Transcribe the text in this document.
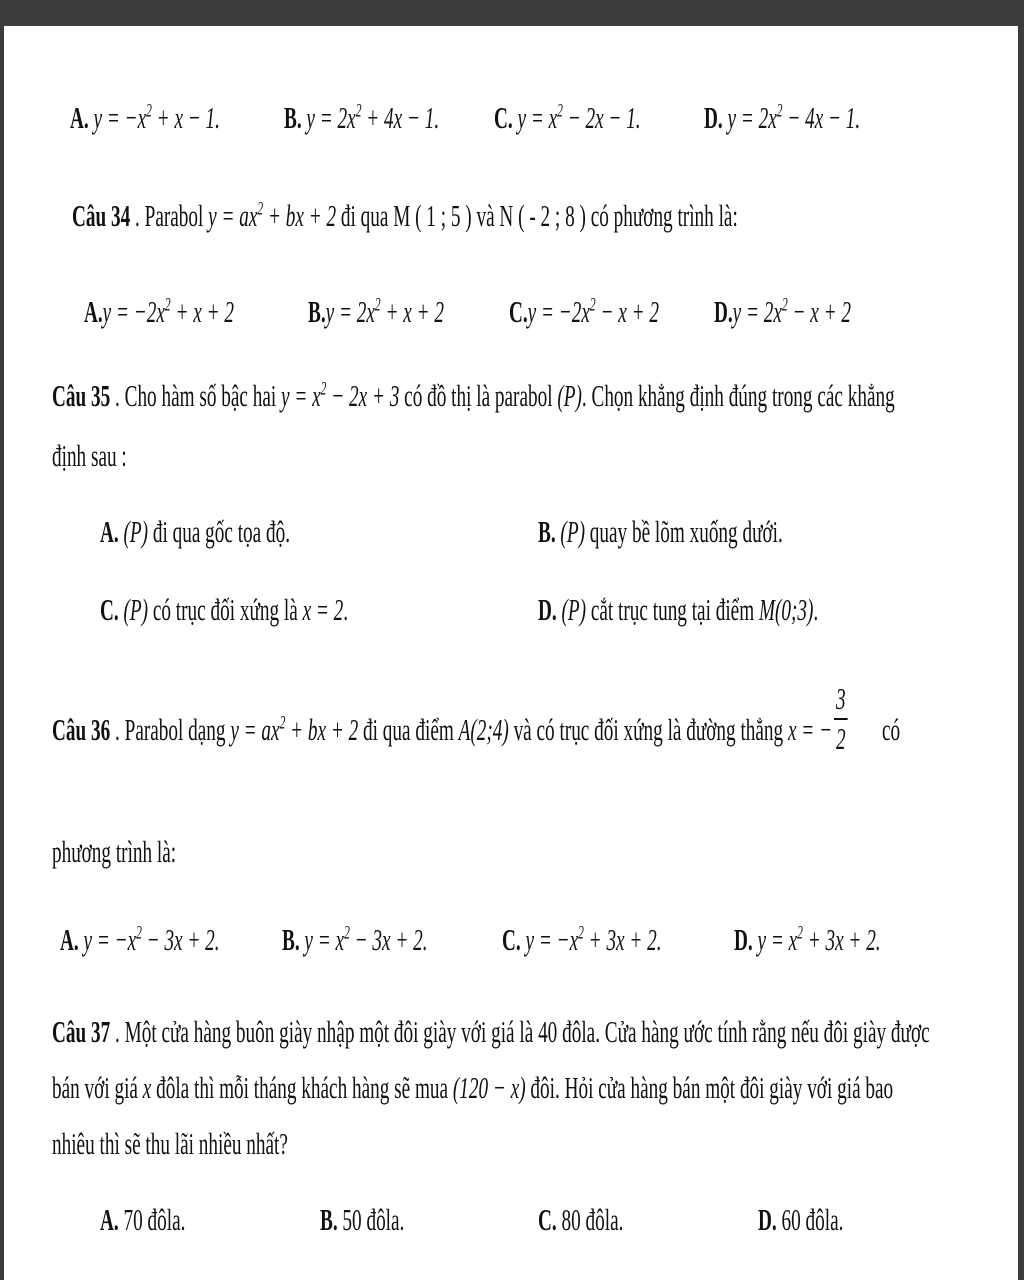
A. $y = -x^2 + x - 1$. B. $y = 2x^2 + 4x - 1$. C. $y = x^2 - 2x - 1$. D. $y = 2x^2 - 4x - 1$.
Câu 34 . Parabol $y = ax^2$ + bx + 2 đi qua M ( 1 ; 5 ) và N ( - 2 ; 8 ) có phương trình là:
$A.y = -2x^2 + x + 2$ $B.y = 2x^2 + x + 2$ $C.y = -2x^2 - x + 2$ $D.y = 2x^2 - x + 2$
Câu 35 . Cho hàm số bậc hai $y = x^2 - 2x + 3$ có đồ thị là parabol (P). Chọn khẳng định đúng trong các khẳng
định sau :
A. (P) đi qua gốc tọa độ.	B. (P) quay bề lõm xuống dưới.
C. (P) có trục đối xứng là x = 2.	D. (P) cắt trục tung tại điểm M(0;3).
Câu 36 . Parabol dạng $y = ax^2$ + bx + 2 đi qua điểm A(2;4) và có trục đối xứng là đường thẳng x = −
3
2 có
phương trình là:
A. $y = -x^2 - 3x + 2$. B. $y = x^2 - 3x + 2$. C. $y = -x^2 + 3x + 2$. D. $y = x^2 + 3x + 2$.
Câu 37 . Một cửa hàng buôn giày nhập một đôi giày với giá là 40 đôla. Cửa hàng ước tính rằng nếu đôi giày được
bán với giá x đôla thì mỗi tháng khách hàng sẽ mua (120 − x) đôi. Hỏi cửa hàng bán một đôi giày với giá bao
nhiêu thì sẽ thu lãi nhiều nhất?
A. 70 đôla.	B. 50 đôla.	C. 80 đôla.	D. 60 đôla.
